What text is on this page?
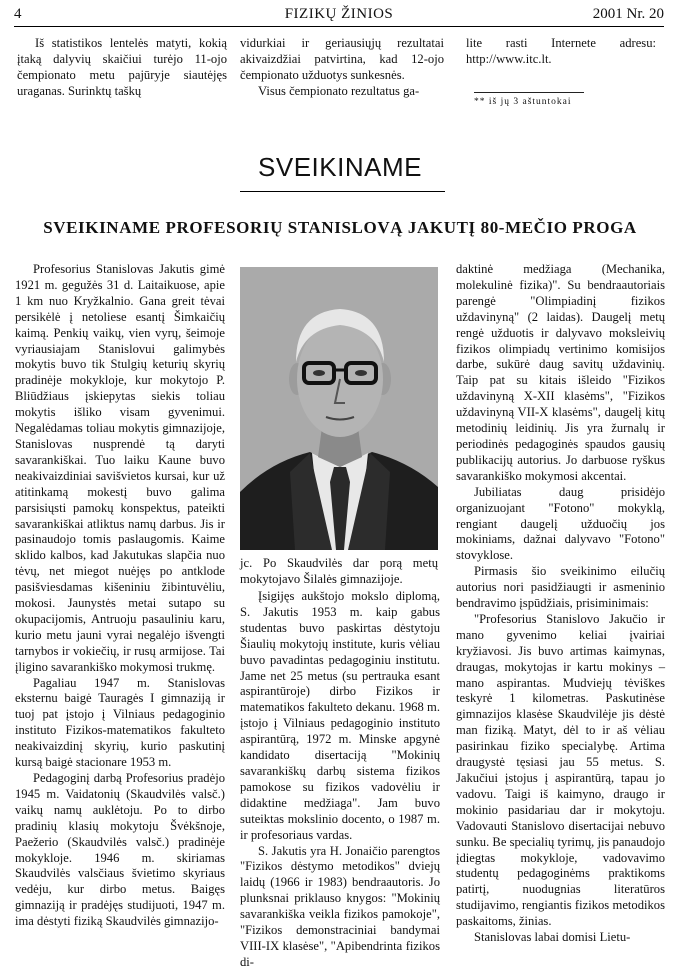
4	FIZIKŲ ŽINIOS	2001 Nr. 20

Iš statistikos lentelės matyti, kokią įtaką dalyvių skaičiui turėjo 11-ojo čempionato metu pajūryje siautėjęs uraganas. Surinktų taškų

vidurkiai ir geriausiųjų rezultatai akivaizdžiai patvirtina, kad 12-ojo čempionato užduotys sunkesnės.

Visus čempionato rezultatus ga-

lite rasti Internete adresu: http://www.itc.lt.

** iš jų 3 aštuntokai
SVEIKINAME
SVEIKINAME PROFESORIŲ STANISLOVĄ JAKUTĮ 80-MEČIO PROGA

Profesorius Stanislovas Jakutis gimė 1921 m. gegužės 31 d. Laitaikuose, apie 1 km nuo Kryžkalnio. Gana greit tėvai persikėlė į netoliese esantį Šimkaičių kaimą. Penkių vaikų, vien vyrų, šeimoje vyriausiajam Stanislovui galimybės mokytis buvo tik Stulgių keturių skyrių pradinėje mokykloje, kur mokytojo P. Bliūdžiaus įskiepytas siekis toliau mokytis išliko visam gyvenimui. Negalėdamas toliau mokytis gimnazijoje, Stanislovas nusprendė tą daryti savarankiškai. Tuo laiku Kaune buvo neakivaizdiniai savišvietos kursai, kur už atitinkamą mokestį buvo galima parsisiųsti pamokų konspektus, pateikti savarankiškai atliktus namų darbus. Jis ir pasinaudojo tomis paslaugomis. Kaime sklido kalbos, kad Jakutukas slapčia nuo tėvų, net miegot nuėjęs po antklode pasišviesdamas kišeniniu žibintuvėliu, mokosi. Jaunystės metai sutapo su okupacijomis, Antruoju pasauliniu karu, kurio metu jauni vyrai negalėjo išvengti tarnybos ir vokiečių, ir rusų armijose. Tai įligino savarankiško mokymosi trukmę.

Pagaliau 1947 m. Stanislovas eksternu baigė Tauragės I gimnaziją ir tuoj pat įstojo į Vilniaus pedagoginio instituto Fizikos-matematikos fakulteto neakivaizdinį skyrių, kurio paskutinį kursą baigė stacionare 1953 m.

Pedagoginį darbą Profesorius pradėjo 1945 m. Vaidatonių (Skaudvilės valsč.) vaikų namų auklėtoju. Po to dirbo pradinių klasių mokytoju Švėkšnoje, Paežerio (Skaudvilės valsč.) pradinėje mokykloje. 1946 m. skiriamas Skaudvilės valsčiaus švietimo skyriaus vedėju, kur dirbo metus. Baigęs gimnaziją ir pradėjęs studijuoti, 1947 m. ima dėstyti fiziką Skaudvilės gimnazijo-

jc. Po Skaudvilės dar porą metų mokytojavo Šilalės gimnazijoje.

Įsigijęs aukštojo mokslo diplomą, S. Jakutis 1953 m. kaip gabus studentas buvo paskirtas dėstytoju Šiaulių mokytojų institute, kuris vėliau buvo pavadintas pedagoginiu institutu. Jame net 25 metus (su pertrauka esant aspirantūroje) dirbo Fizikos ir matematikos fakulteto dekanu. 1968 m. įstojo į Vilniaus pedagoginio instituto aspirantūrą, 1972 m. Minske apgynė kandidato disertaciją "Mokinių savarankiškų darbų sistema fizikos pamokose su fizikos vadovėliu ir didaktine medžiaga". Jam buvo suteiktas mokslinio docento, o 1987 m. ir profesoriaus vardas.

S. Jakutis yra H. Jonaičio parengtos "Fizikos dėstymo metodikos" dviejų laidų (1966 ir 1983) bendraautoris. Jo plunksnai priklauso knygos: "Mokinių savarankiška veikla fizikos pamokoje", "Fizikos demonstraciniai bandymai VIII-IX klasėse", "Apibendrinta fizikos di-

daktinė medžiaga (Mechanika, molekulinė fizika)". Su bendraautoriais parengė "Olimpiadinį fizikos uždavinyną" (2 laidas). Daugelį metų rengė užduotis ir dalyvavo moksleivių fizikos olimpiadų vertinimo komisijos darbe, sukūrė daug savitų uždavinių. Taip pat su kitais išleido "Fizikos uždavinyną X-XII klasėms", "Fizikos uždavinyną VII-X klasėms", daugelį kitų metodinių leidinių. Jis yra žurnalų ir periodinės pedagoginės spaudos gausių publikacijų autorius. Jo darbuose ryškus savarankiško mokymosi akcentai.

Jubiliatas daug prisidėjo organizuojant "Fotono" mokyklą, rengiant daugelį užduočių jos mokiniams, dažnai dalyvavo "Fotono" stovyklose.

Pirmasis šio sveikinimo eilučių autorius nori pasidžiaugti ir asmeninio bendravimo įspūdžiais, prisiminimais:

"Profesorius Stanislovo Jakučio ir mano gyvenimo keliai įvairiai kryžiavosi. Jis buvo artimas kaimynas, draugas, mokytojas ir kartu mokinys – mano aspirantas. Mudviejų tėviškes teskyrė 1 kilometras. Paskutinėse gimnazijos klasėse Skaudvilėje jis dėstė man fiziką. Matyt, dėl to ir aš vėliau pasirinkau fiziko specialybę. Artima draugystė tęsiasi jau 55 metus. S. Jakučiui įstojus į aspirantūrą, tapau jo vadovu. Taigi iš kaimyno, draugo ir mokinio pasidariau dar ir mokytoju. Vadovauti Stanislovo disertacijai nebuvo sunku. Be specialių tyrimų, jis panaudojo įdiegtas mokykloje, vadovavimo studentų pedagoginėms praktikoms patirtį, nuodugnias literatūros studijavimo, rengiantis fizikos metodikos paskaitoms, žinias.

Stanislovas labai domisi Lietu-
